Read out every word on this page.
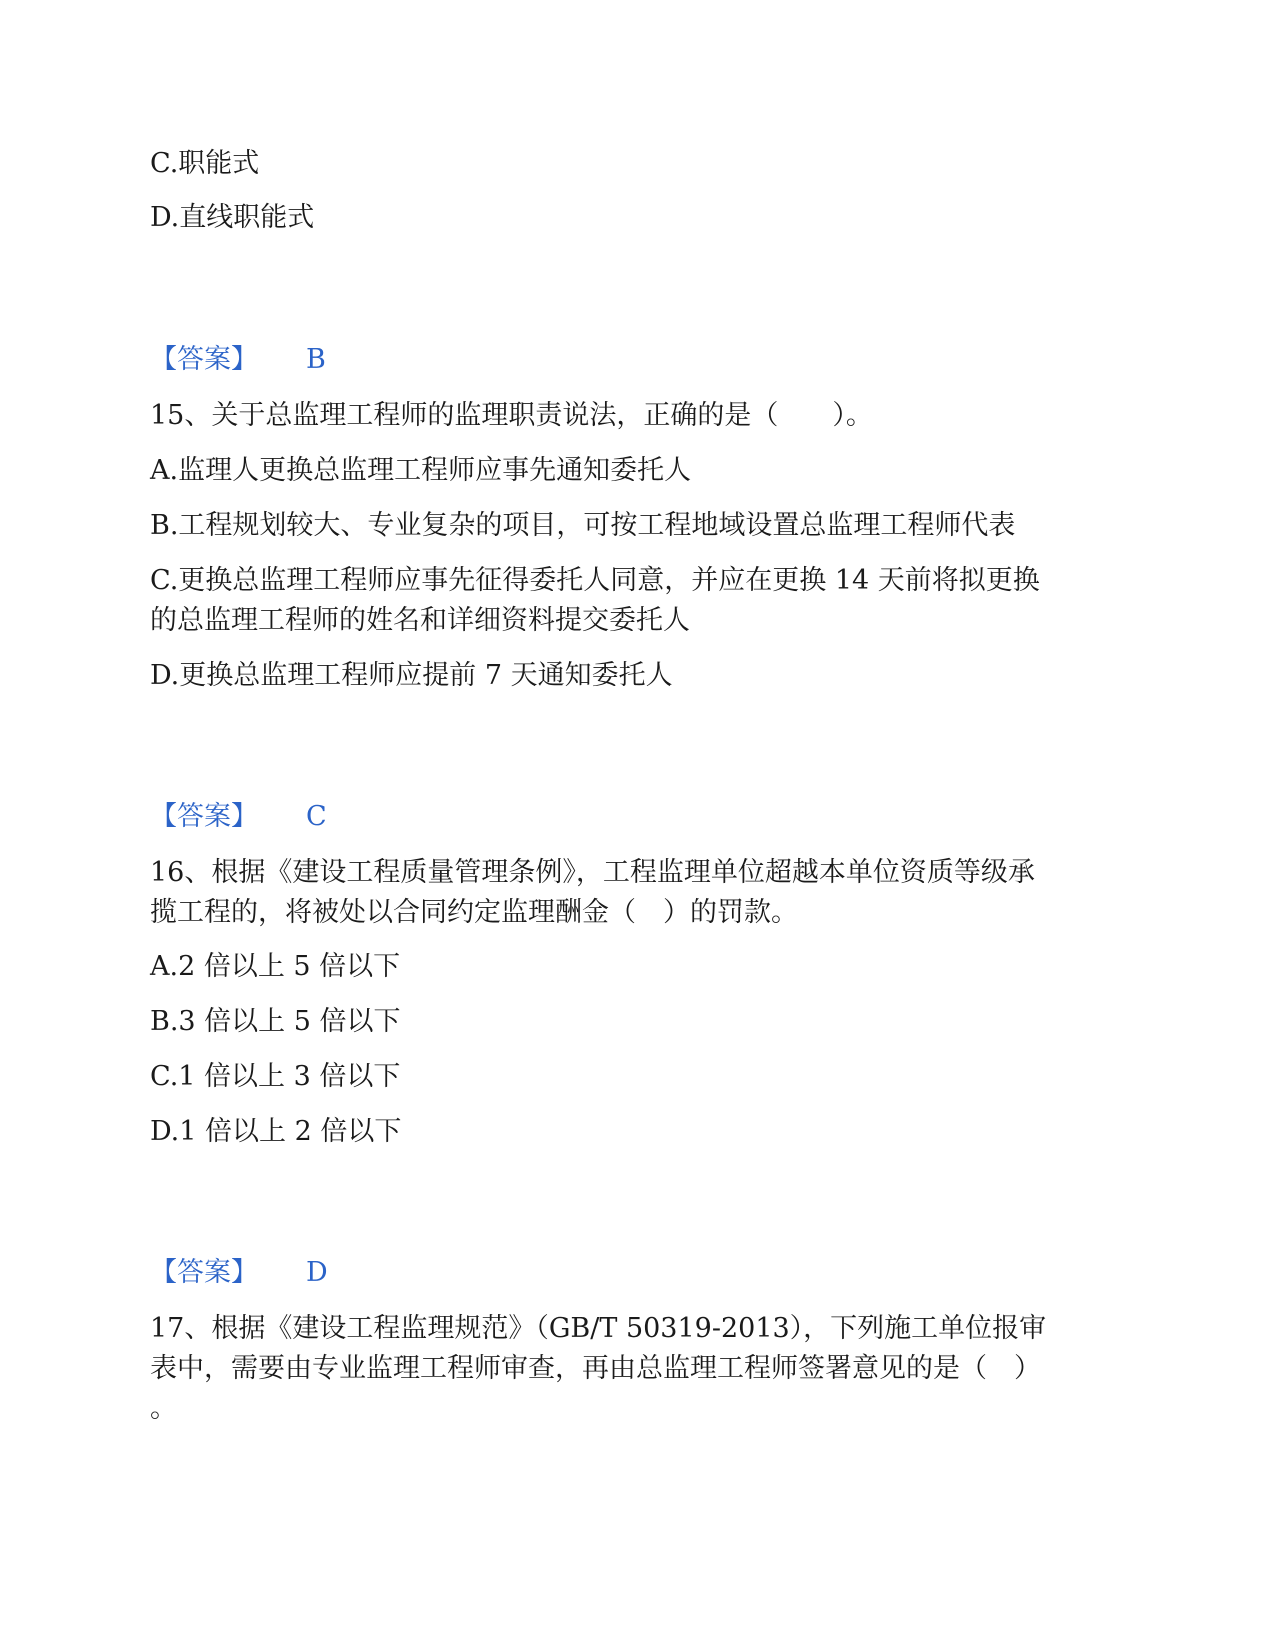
C.职能式
D.直线职能式
【答案】 B
15、关于总监理工程师的监理职责说法，正确的是（　　）。
A.监理人更换总监理工程师应事先通知委托人
B.工程规划较大、专业复杂的项目，可按工程地域设置总监理工程师代表
C.更换总监理工程师应事先征得委托人同意，并应在更换 14 天前将拟更换
的总监理工程师的姓名和详细资料提交委托人
D.更换总监理工程师应提前 7 天通知委托人
【答案】 C
16、根据《建设工程质量管理条例》，工程监理单位超越本单位资质等级承
揽工程的，将被处以合同约定监理酬金（　）的罚款。
A.2 倍以上 5 倍以下
B.3 倍以上 5 倍以下
C.1 倍以上 3 倍以下
D.1 倍以上 2 倍以下
【答案】 D
17、根据《建设工程监理规范》（GB/T 50319-2013），下列施工单位报审
表中，需要由专业监理工程师审查，再由总监理工程师签署意见的是（　）
。
